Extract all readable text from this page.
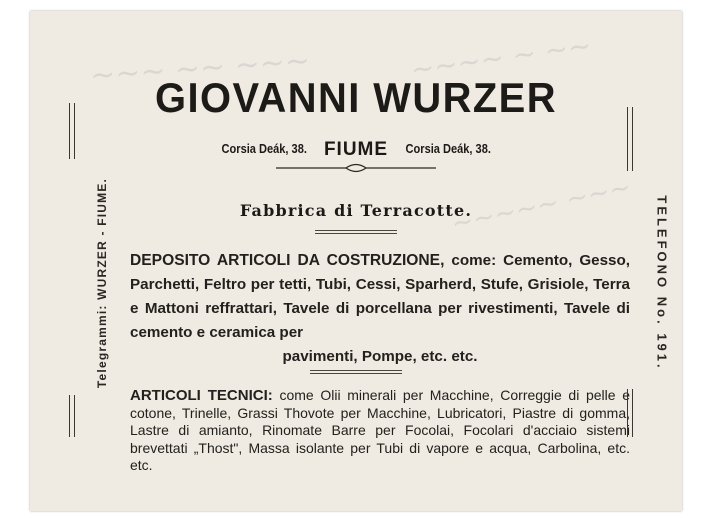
~~~ ~~ ~~~	~~~~ ~ ~~
~~~~~ ~~~
GIOVANNI WURZER
Corsia Deák, 38. FIUME Corsia Deák, 38.
Fabbrica di Terracotte.
DEPOSITO ARTICOLI DA COSTRUZIONE, come: Cemento, Gesso, Parchetti, Feltro per tetti, Tubi, Cessi, Sparherd, Stufe, Grisiole, Terra e Mattoni reffrattari, Tavele di porcellana per rivestimenti, Tavele di cemento e ceramica per
pavimenti, Pompe, etc. etc.
ARTICOLI TECNICI: come Olii minerali per Macchine, Correggie di pelle e cotone, Trinelle, Grassi Thovote per Macchine, Lubricatori, Piastre di gomma, Lastre di amianto, Rinomate Barre per Focolai, Focolari d'acciaio sistemi brevettati „Thost", Massa isolante per Tubi di vapore e acqua, Carbolina, etc. etc.
Telegrammi: WURZER - FIUME.	TELEFONO No. 191.
